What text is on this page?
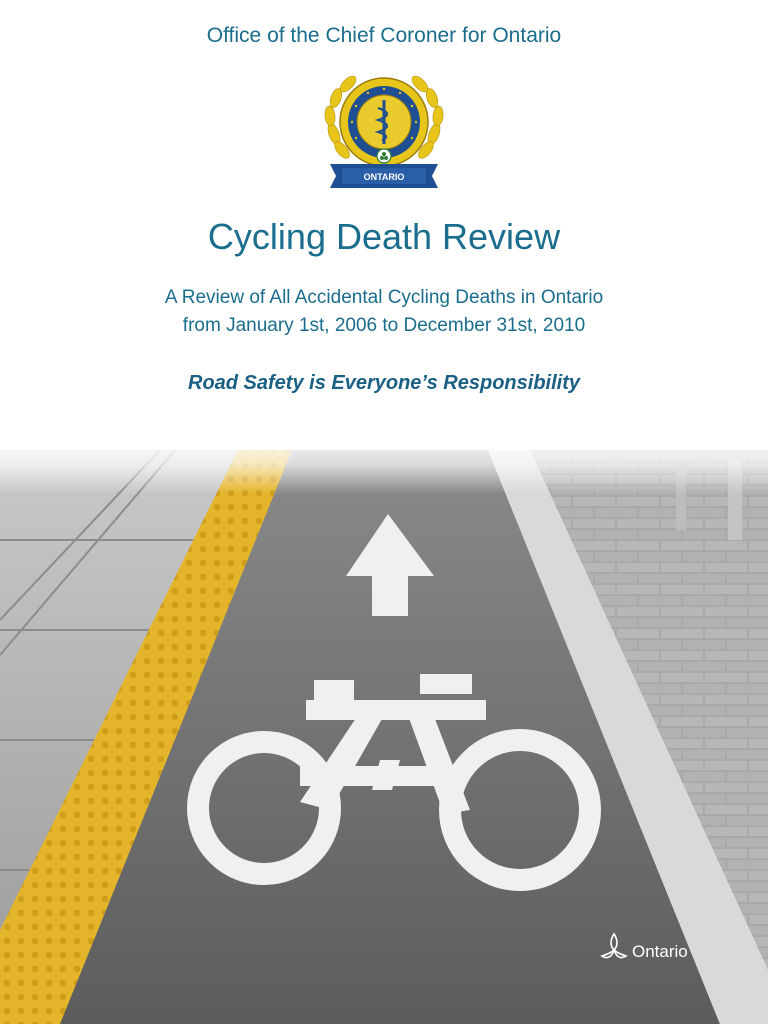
Office of the Chief Coroner for Ontario
ONTARIO
Cycling Death Review
A Review of All Accidental Cycling Deaths in Ontario
from January 1st, 2006 to December 31st, 2010
Road Safety is Everyone’s Responsibility
Ontario
